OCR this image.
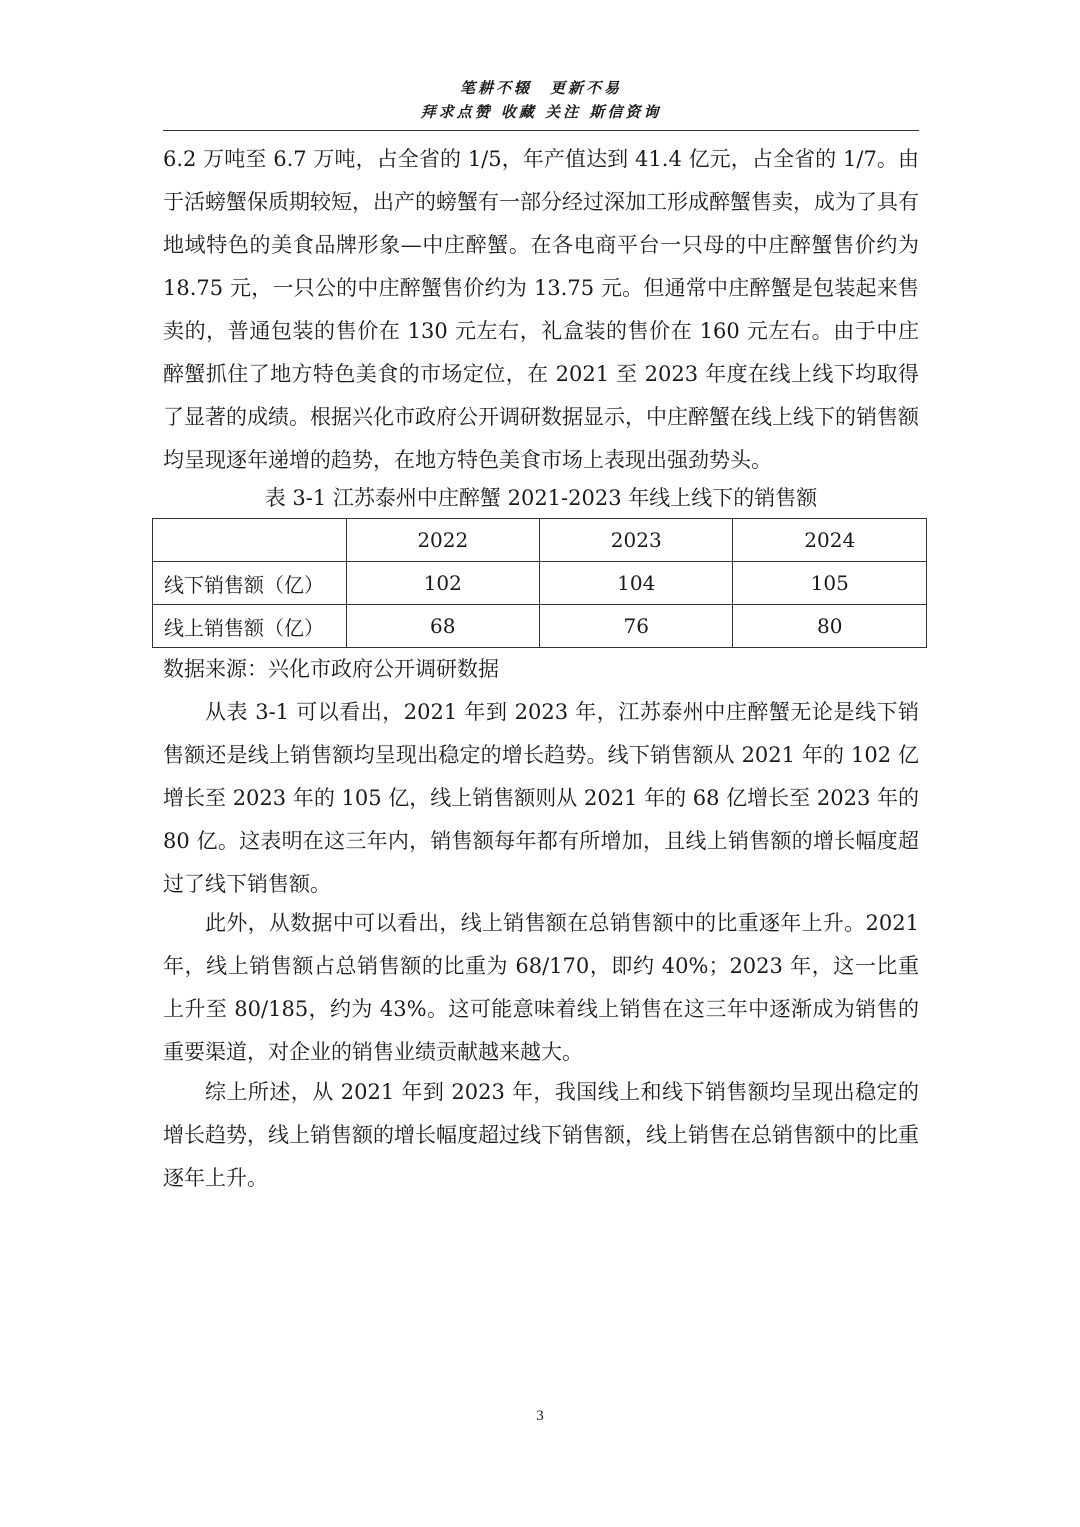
笔耕不辍　更新不易
拜求点赞 收藏 关注 斯信资询

6.2 万吨至 6.7 万吨，占全省的 1/5，年产值达到 41.4 亿元，占全省的 1/7。由于活螃蟹保质期较短，出产的螃蟹有一部分经过深加工形成醉蟹售卖，成为了具有地域特色的美食品牌形象—中庄醉蟹。在各电商平台一只母的中庄醉蟹售价约为 18.75 元，一只公的中庄醉蟹售价约为 13.75 元。但通常中庄醉蟹是包装起来售卖的，普通包装的售价在 130 元左右，礼盒装的售价在 160 元左右。由于中庄醉蟹抓住了地方特色美食的市场定位，在 2021 至 2023 年度在线上线下均取得了显著的成绩。根据兴化市政府公开调研数据显示，中庄醉蟹在线上线下的销售额均呈现逐年递增的趋势，在地方特色美食市场上表现出强劲势头。

表 3-1 江苏泰州中庄醉蟹 2021-2023 年线上线下的销售额
	2022	2023	2024
线下销售额（亿）	102	104	105
线上销售额（亿）	68	76	80
数据来源：兴化市政府公开调研数据

从表 3-1 可以看出，2021 年到 2023 年，江苏泰州中庄醉蟹无论是线下销售额还是线上销售额均呈现出稳定的增长趋势。线下销售额从 2021 年的 102 亿增长至 2023 年的 105 亿，线上销售额则从 2021 年的 68 亿增长至 2023 年的 80 亿。这表明在这三年内，销售额每年都有所增加，且线上销售额的增长幅度超过了线下销售额。

此外，从数据中可以看出，线上销售额在总销售额中的比重逐年上升。2021 年，线上销售额占总销售额的比重为 68/170，即约 40%；2023 年，这一比重上升至 80/185，约为 43%。这可能意味着线上销售在这三年中逐渐成为销售的重要渠道，对企业的销售业绩贡献越来越大。

综上所述，从 2021 年到 2023 年，我国线上和线下销售额均呈现出稳定的增长趋势，线上销售额的增长幅度超过线下销售额，线上销售在总销售额中的比重逐年上升。

3
